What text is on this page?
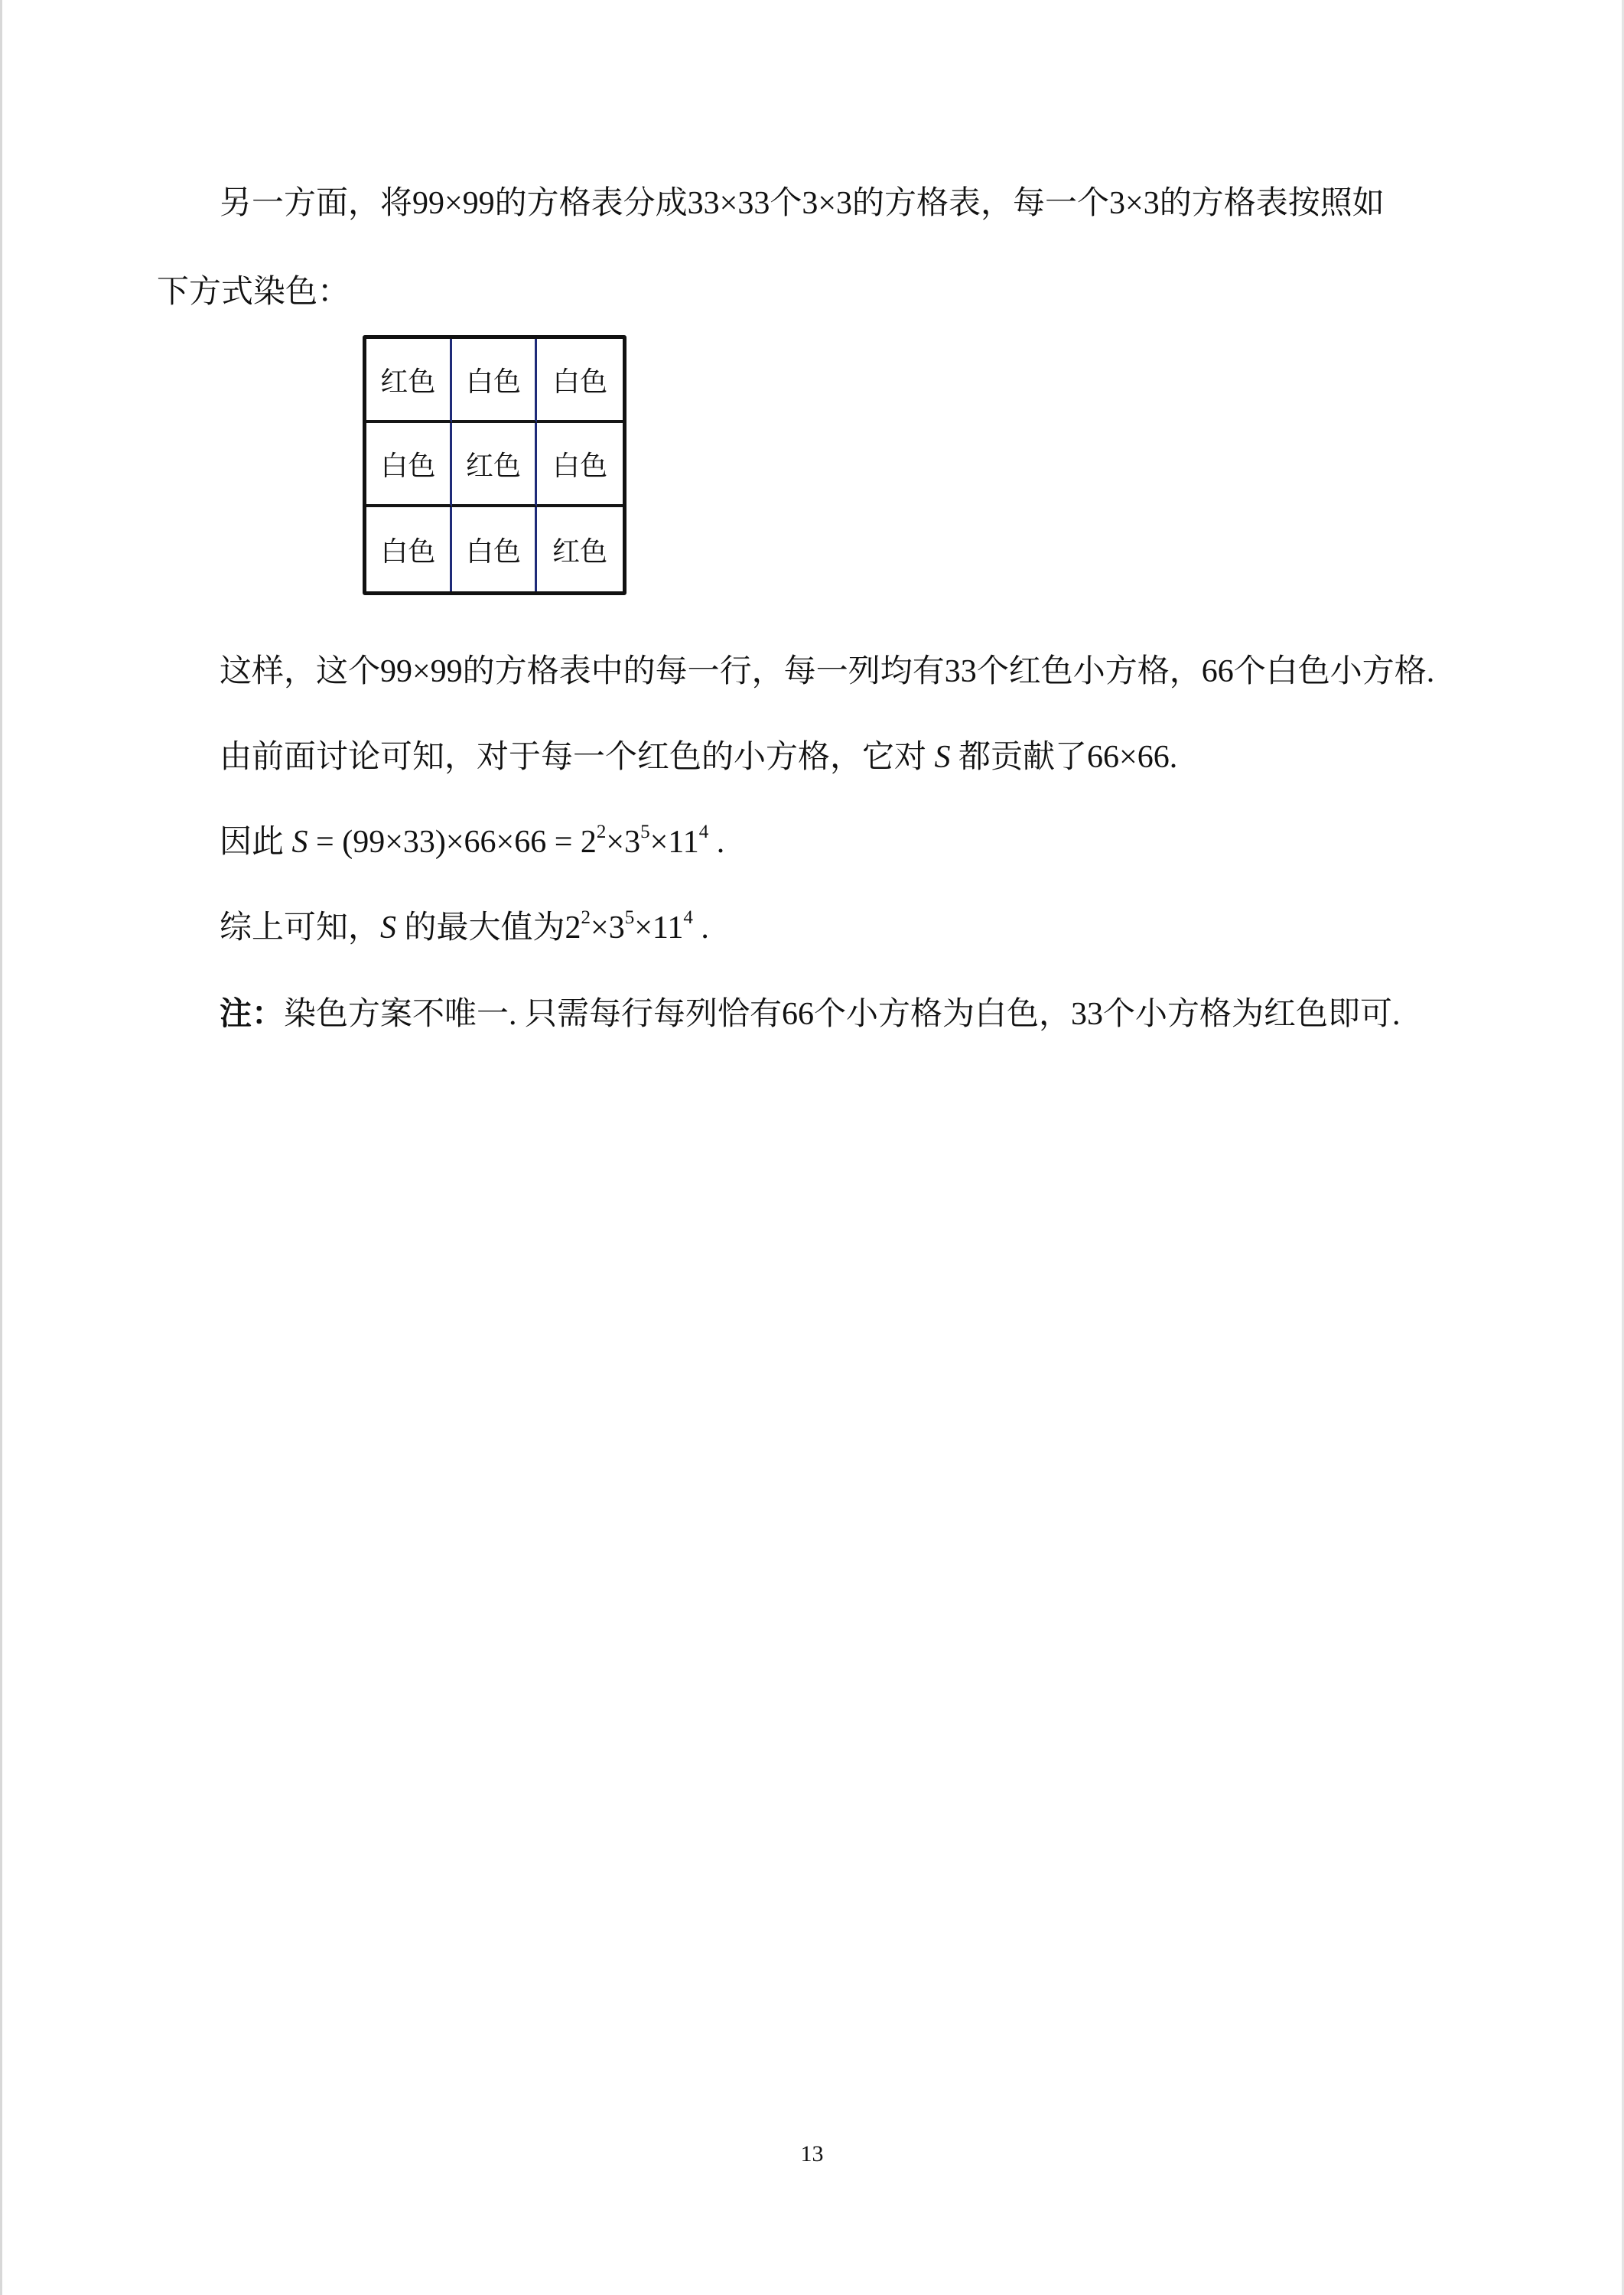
另一方面，将99×99的方格表分成33×33个3×3的方格表，每一个3×3的方格表按照如
下方式染色：
红色	白色	白色
白色	红色	白色
白色	白色	红色
这样，这个99×99的方格表中的每一行，每一列均有33个红色小方格，66个白色小方格.
由前面讨论可知，对于每一个红色的小方格，它对 S 都贡献了66×66.
因此 $S = (99\times 33)\times 66\times 66 = 2^2\times 3^5\times 11^4$ .
综上可知，S 的最大值为$2^2\times 3^5\times 11^4$ .
注：染色方案不唯一. 只需每行每列恰有66个小方格为白色，33个小方格为红色即可.
13
